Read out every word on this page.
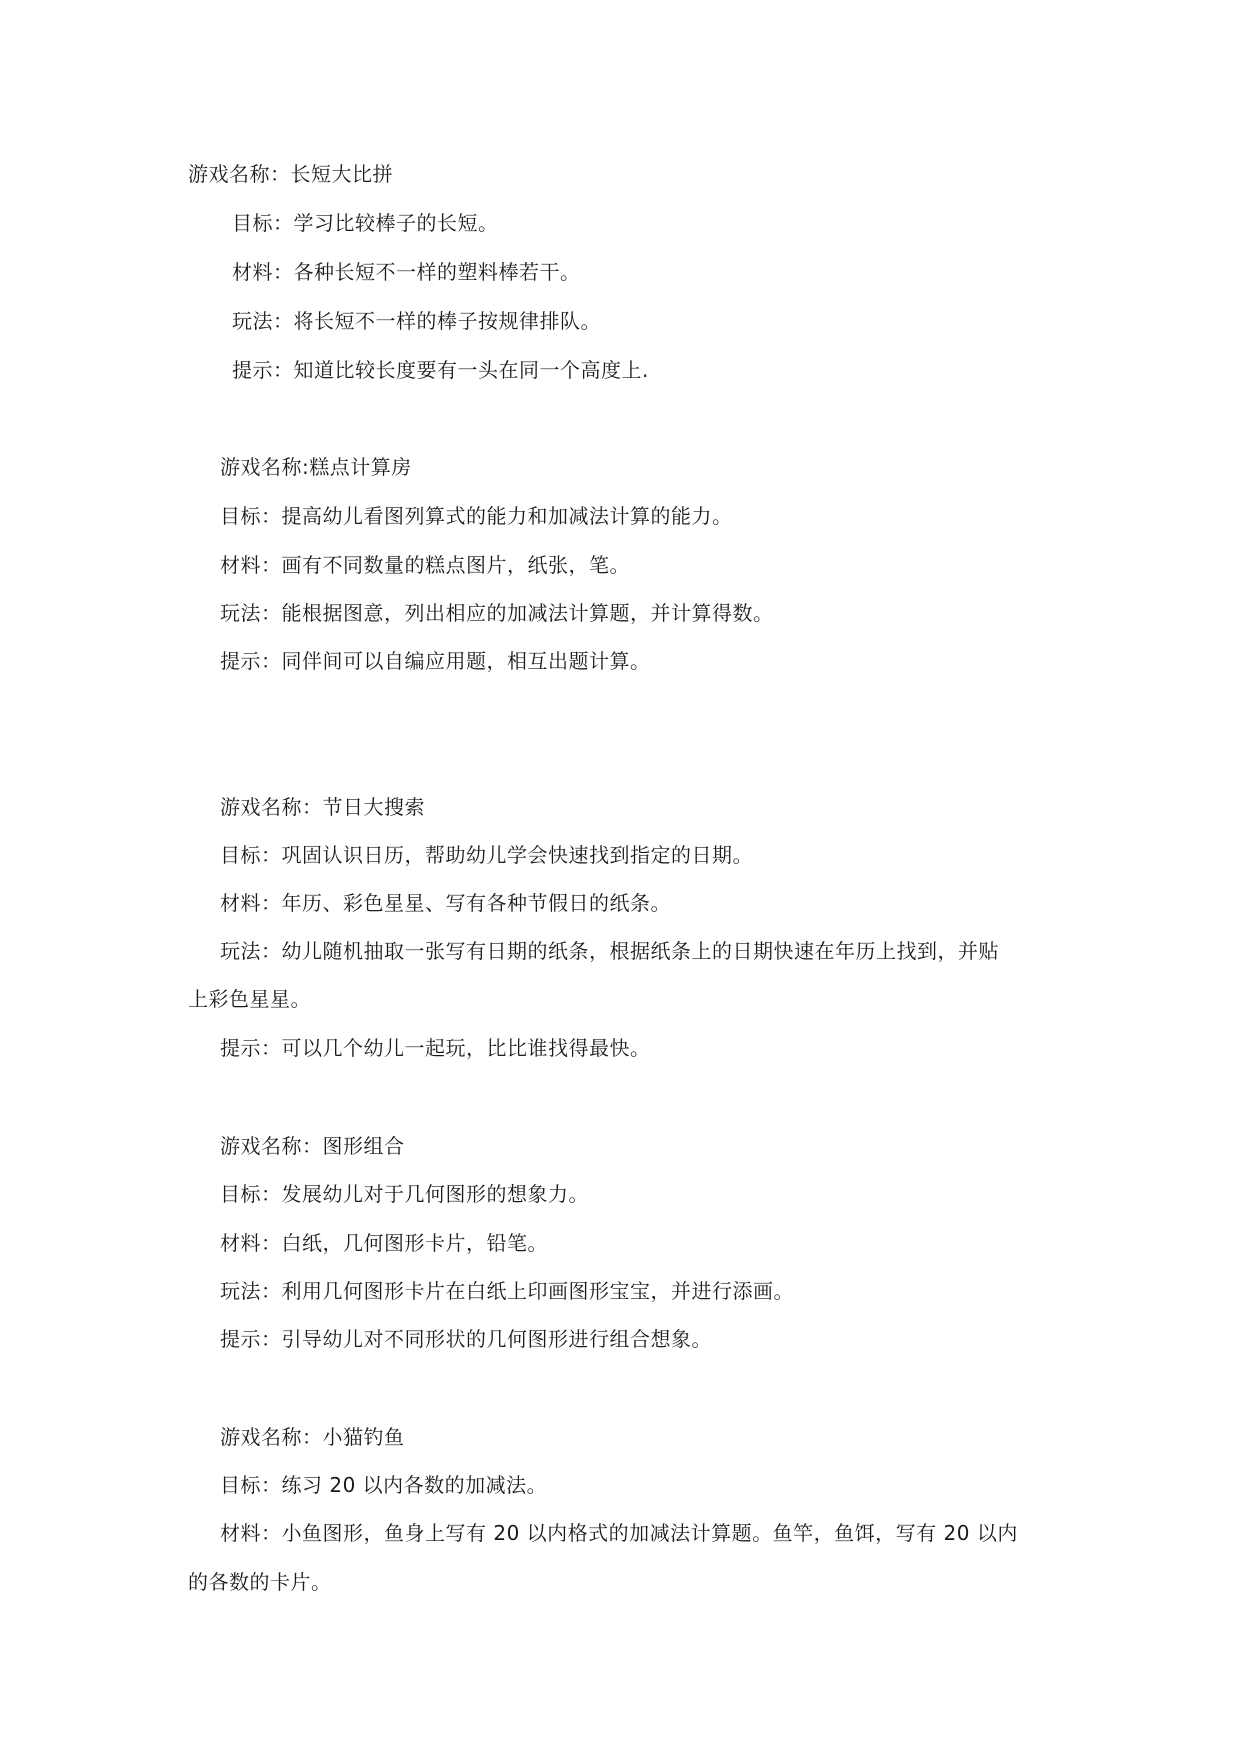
游戏名称：长短大比拼
目标：学习比较棒子的长短。
材料：各种长短不一样的塑料棒若干。
玩法：将长短不一样的棒子按规律排队。
提示：知道比较长度要有一头在同一个高度上.
游戏名称:糕点计算房
目标：提高幼儿看图列算式的能力和加减法计算的能力。
材料：画有不同数量的糕点图片，纸张，笔。
玩法：能根据图意，列出相应的加减法计算题，并计算得数。
提示：同伴间可以自编应用题，相互出题计算。
游戏名称：节日大搜索
目标：巩固认识日历，帮助幼儿学会快速找到指定的日期。
材料：年历、彩色星星、写有各种节假日的纸条。
玩法：幼儿随机抽取一张写有日期的纸条，根据纸条上的日期快速在年历上找到，并贴
上彩色星星。
提示：可以几个幼儿一起玩，比比谁找得最快。
游戏名称：图形组合
目标：发展幼儿对于几何图形的想象力。
材料：白纸，几何图形卡片，铅笔。
玩法：利用几何图形卡片在白纸上印画图形宝宝，并进行添画。
提示：引导幼儿对不同形状的几何图形进行组合想象。
游戏名称：小猫钓鱼
目标：练习 20 以内各数的加减法。
材料：小鱼图形，鱼身上写有 20 以内格式的加减法计算题。鱼竿，鱼饵，写有 20 以内
的各数的卡片。
